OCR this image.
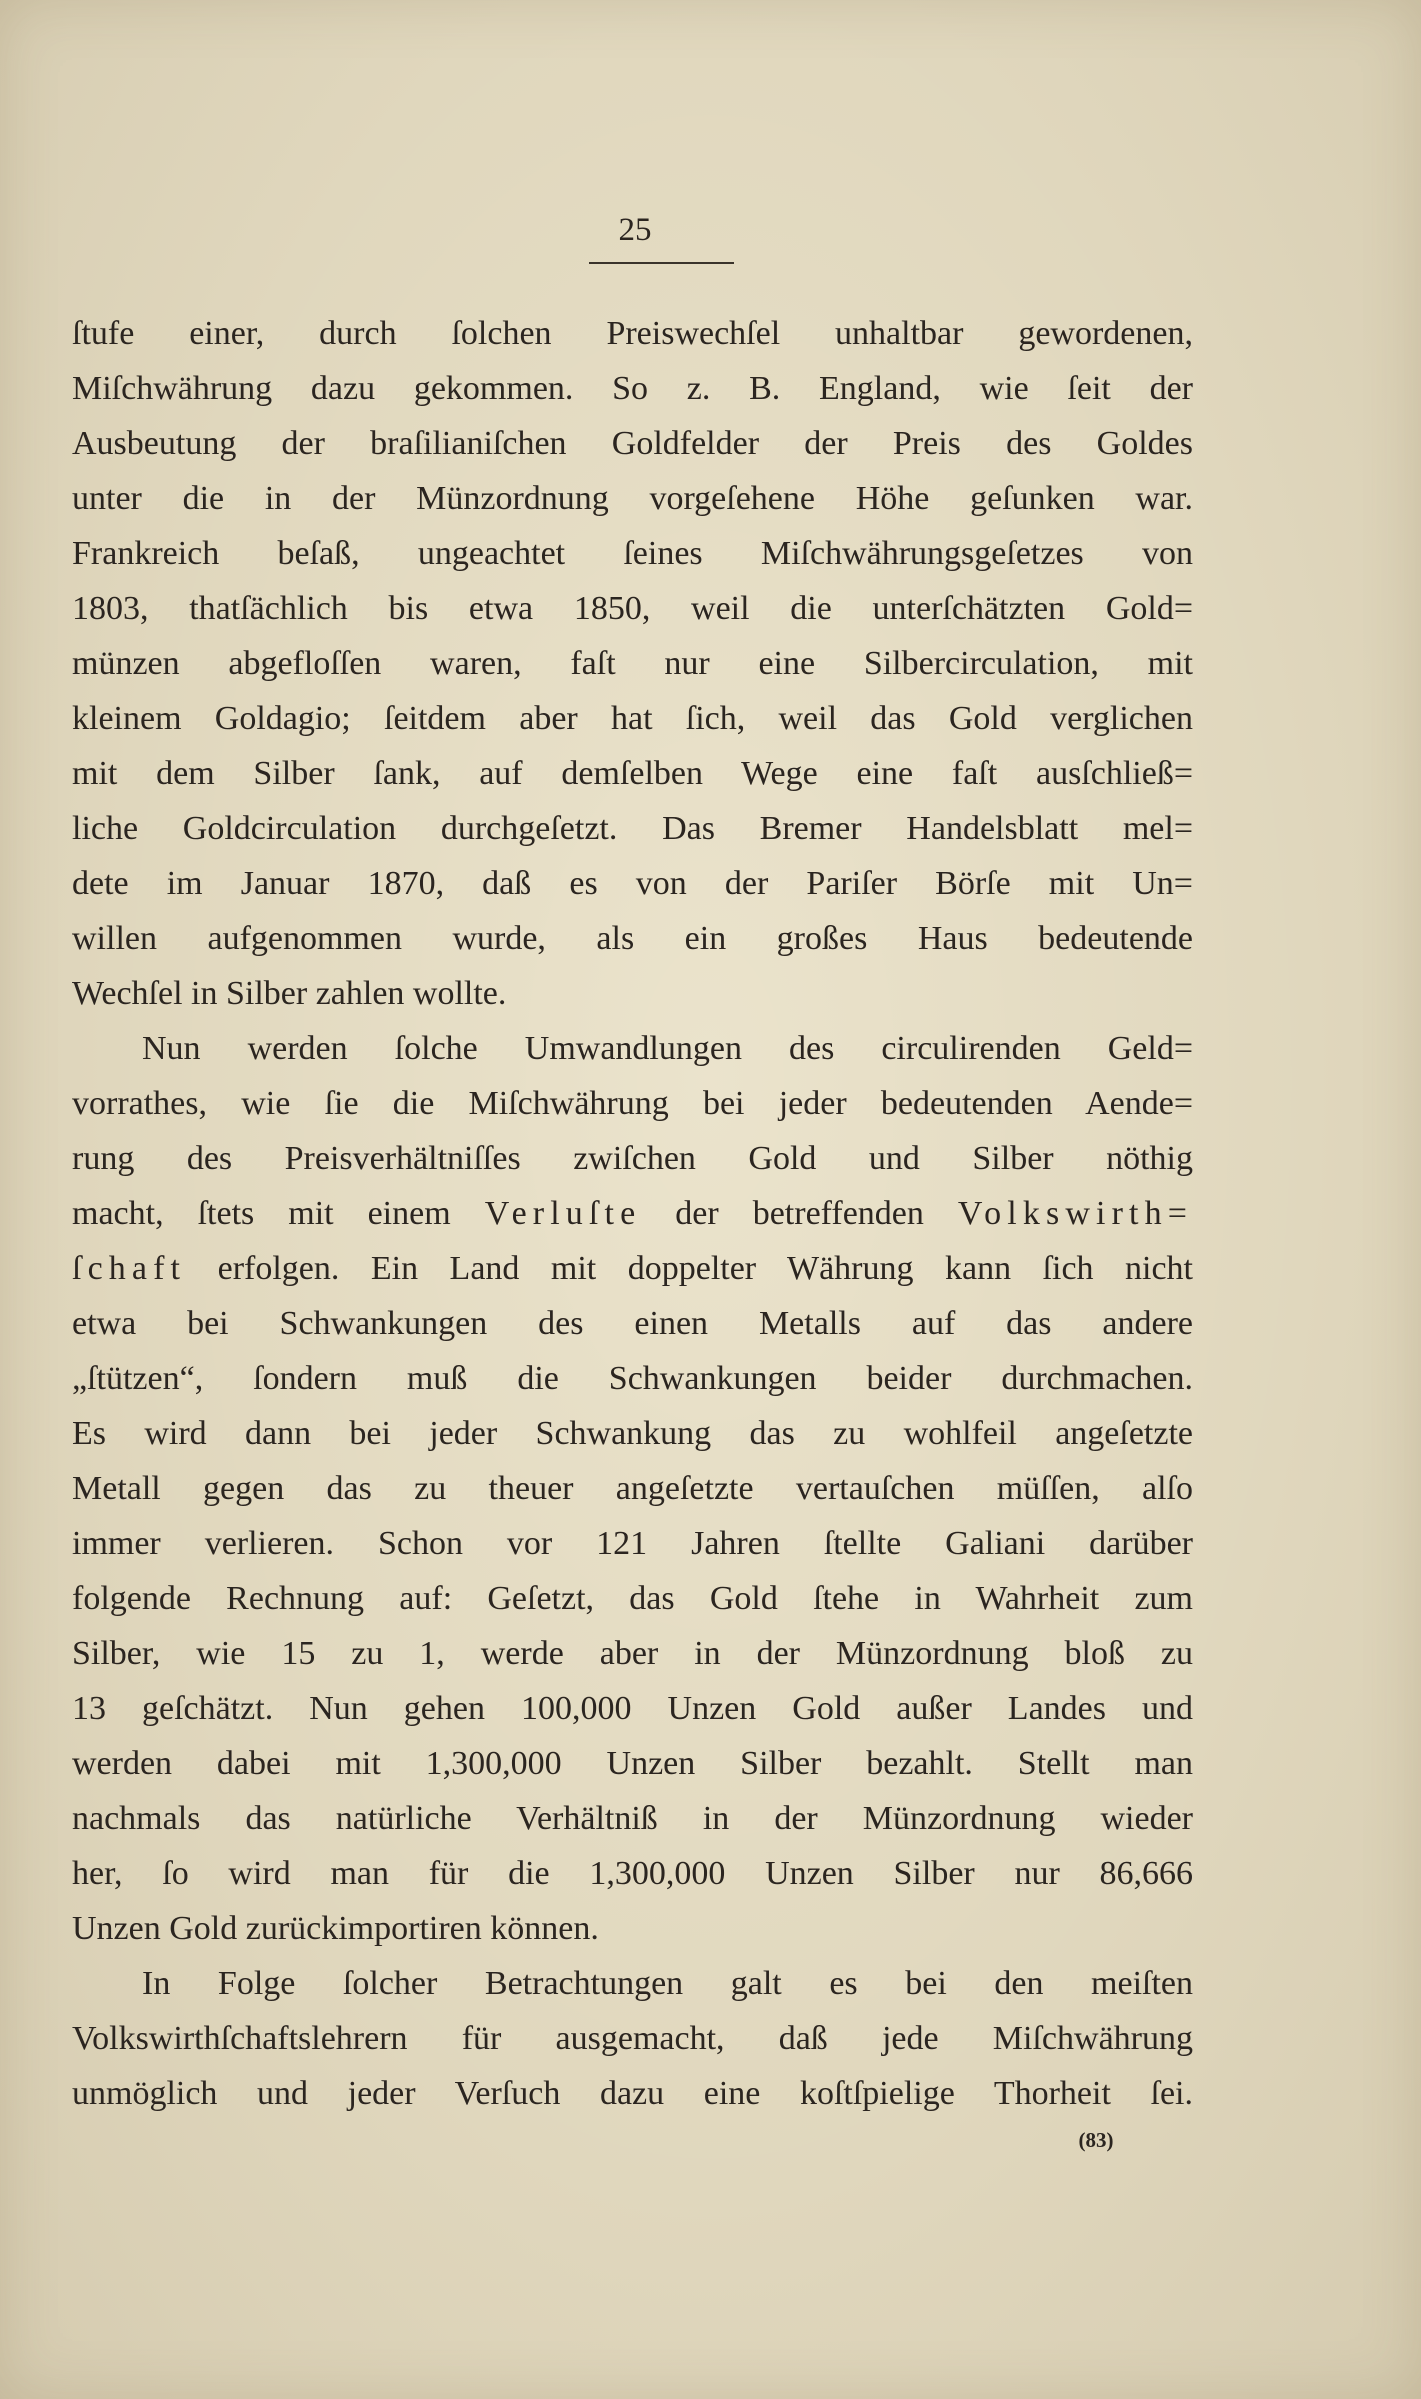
25
ſtufe einer, durch ſolchen Preiswechſel unhaltbar gewordenen,
Miſchwährung dazu gekommen. So z. B. England, wie ſeit der
Ausbeutung der braſilianiſchen Goldfelder der Preis des Goldes
unter die in der Münzordnung vorgeſehene Höhe geſunken war.
Frankreich beſaß, ungeachtet ſeines Miſchwährungsgeſetzes von
1803, thatſächlich bis etwa 1850, weil die unterſchätzten Gold=
münzen abgefloſſen waren, faſt nur eine Silbercirculation, mit
kleinem Goldagio; ſeitdem aber hat ſich, weil das Gold verglichen
mit dem Silber ſank, auf demſelben Wege eine faſt ausſchließ=
liche Goldcirculation durchgeſetzt. Das Bremer Handelsblatt mel=
dete im Januar 1870, daß es von der Pariſer Börſe mit Un=
willen aufgenommen wurde, als ein großes Haus bedeutende
Wechſel in Silber zahlen wollte.
Nun werden ſolche Umwandlungen des circulirenden Geld=
vorrathes, wie ſie die Miſchwährung bei jeder bedeutenden Aende=
rung des Preisverhältniſſes zwiſchen Gold und Silber nöthig
macht, ſtets mit einem Verluſte der betreffenden Volkswirth=
ſchaft erfolgen. Ein Land mit doppelter Währung kann ſich nicht
etwa bei Schwankungen des einen Metalls auf das andere
„ſtützen“, ſondern muß die Schwankungen beider durchmachen.
Es wird dann bei jeder Schwankung das zu wohlfeil angeſetzte
Metall gegen das zu theuer angeſetzte vertauſchen müſſen, alſo
immer verlieren. Schon vor 121 Jahren ſtellte Galiani darüber
folgende Rechnung auf: Geſetzt, das Gold ſtehe in Wahrheit zum
Silber, wie 15 zu 1, werde aber in der Münzordnung bloß zu
13 geſchätzt. Nun gehen 100,000 Unzen Gold außer Landes und
werden dabei mit 1,300,000 Unzen Silber bezahlt. Stellt man
nachmals das natürliche Verhältniß in der Münzordnung wieder
her, ſo wird man für die 1,300,000 Unzen Silber nur 86,666
Unzen Gold zurückimportiren können.
In Folge ſolcher Betrachtungen galt es bei den meiſten
Volkswirthſchaftslehrern für ausgemacht, daß jede Miſchwährung
unmöglich und jeder Verſuch dazu eine koſtſpielige Thorheit ſei.
(83)
